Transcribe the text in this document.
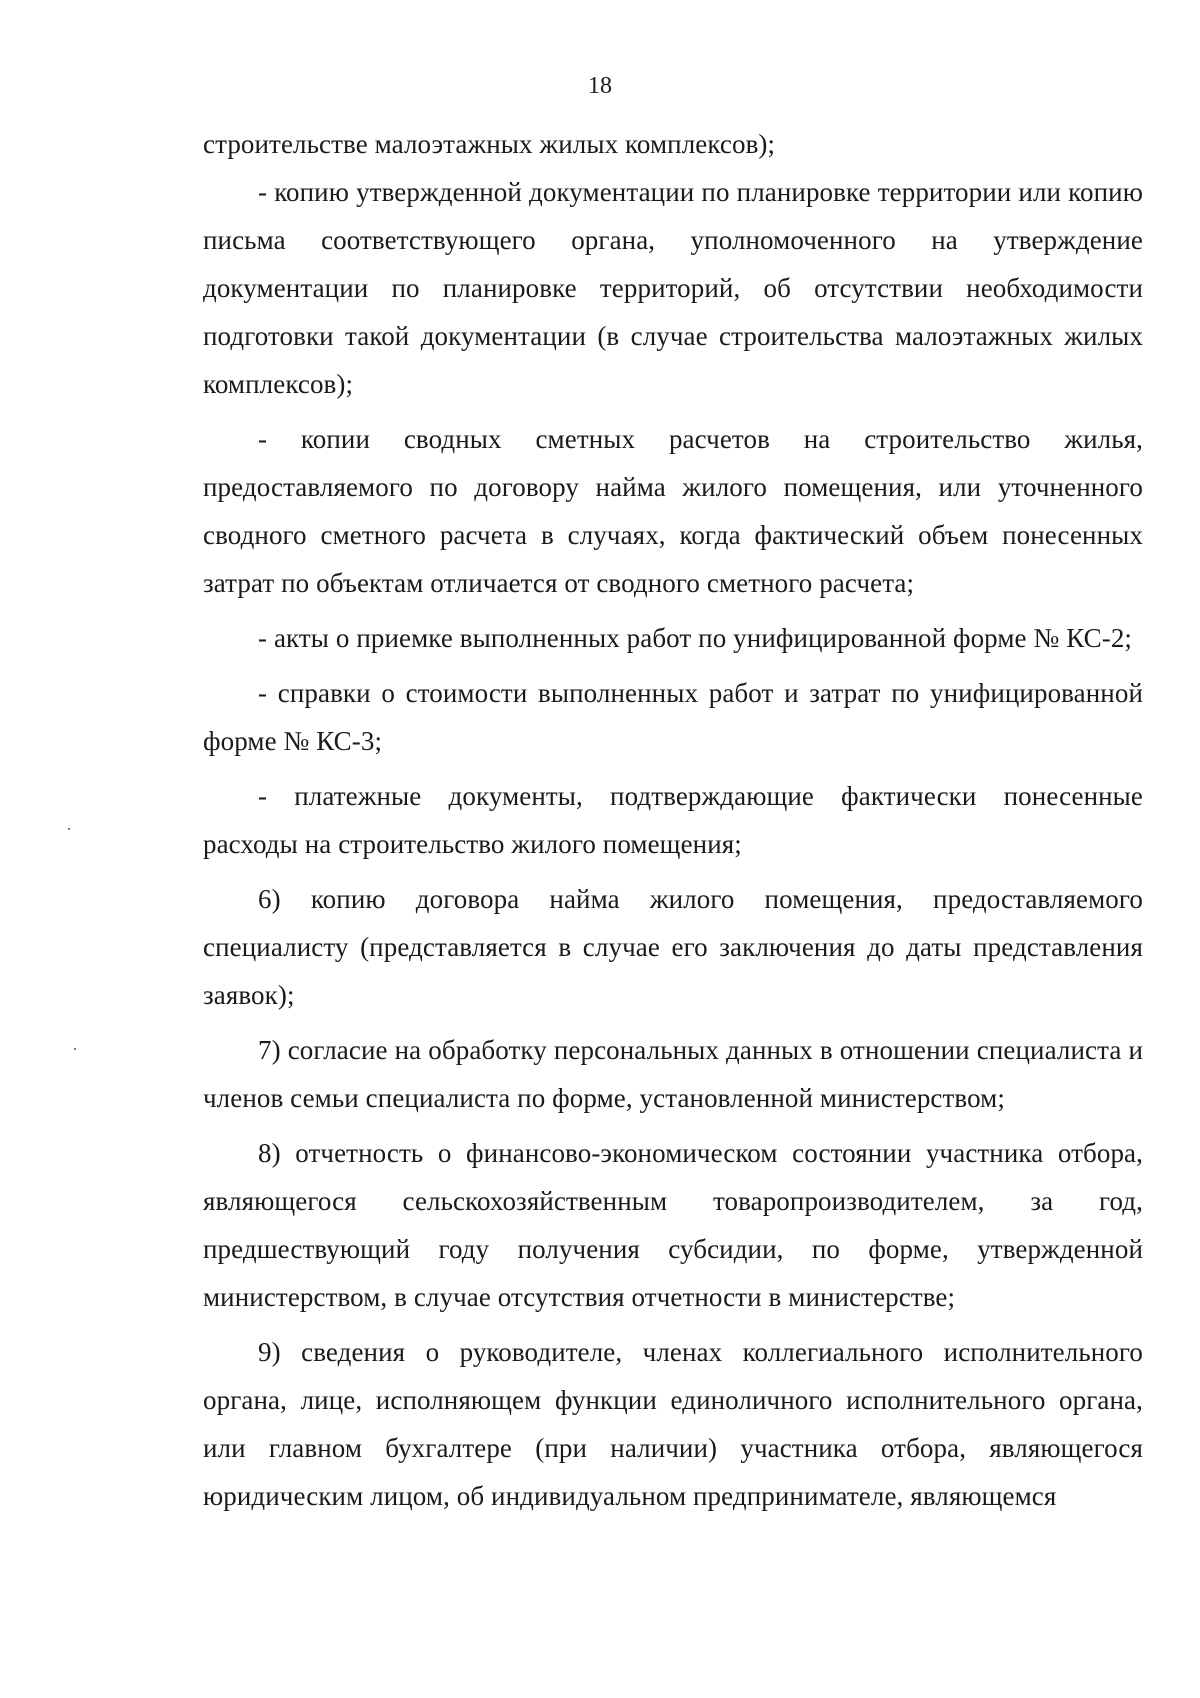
18

строительстве малоэтажных жилых комплексов);

- копию утвержденной документации по планировке территории или копию письма соответствующего органа, уполномоченного на утверждение документации по планировке территорий, об отсутствии необходимости подготовки такой документации (в случае строительства малоэтажных жилых комплексов);

- копии сводных сметных расчетов на строительство жилья, предоставляемого по договору найма жилого помещения, или уточненного сводного сметного расчета в случаях, когда фактический объем понесенных затрат по объектам отличается от сводного сметного расчета;

- акты о приемке выполненных работ по унифицированной форме № КС-2;

- справки о стоимости выполненных работ и затрат по унифицированной форме № КС-3;

- платежные документы, подтверждающие фактически понесенные расходы на строительство жилого помещения;

6) копию договора найма жилого помещения, предоставляемого специалисту (представляется в случае его заключения до даты представления заявок);

7) согласие на обработку персональных данных в отношении специалиста и членов семьи специалиста по форме, установленной министерством;

8) отчетность о финансово-экономическом состоянии участника отбора, являющегося сельскохозяйственным товаропроизводителем, за год, предшествующий году получения субсидии, по форме, утвержденной министерством, в случае отсутствия отчетности в министерстве;

9) сведения о руководителе, членах коллегиального исполнительного органа, лице, исполняющем функции единоличного исполнительного органа, или главном бухгалтере (при наличии) участника отбора, являющегося юридическим лицом, об индивидуальном предпринимателе, являющемся
